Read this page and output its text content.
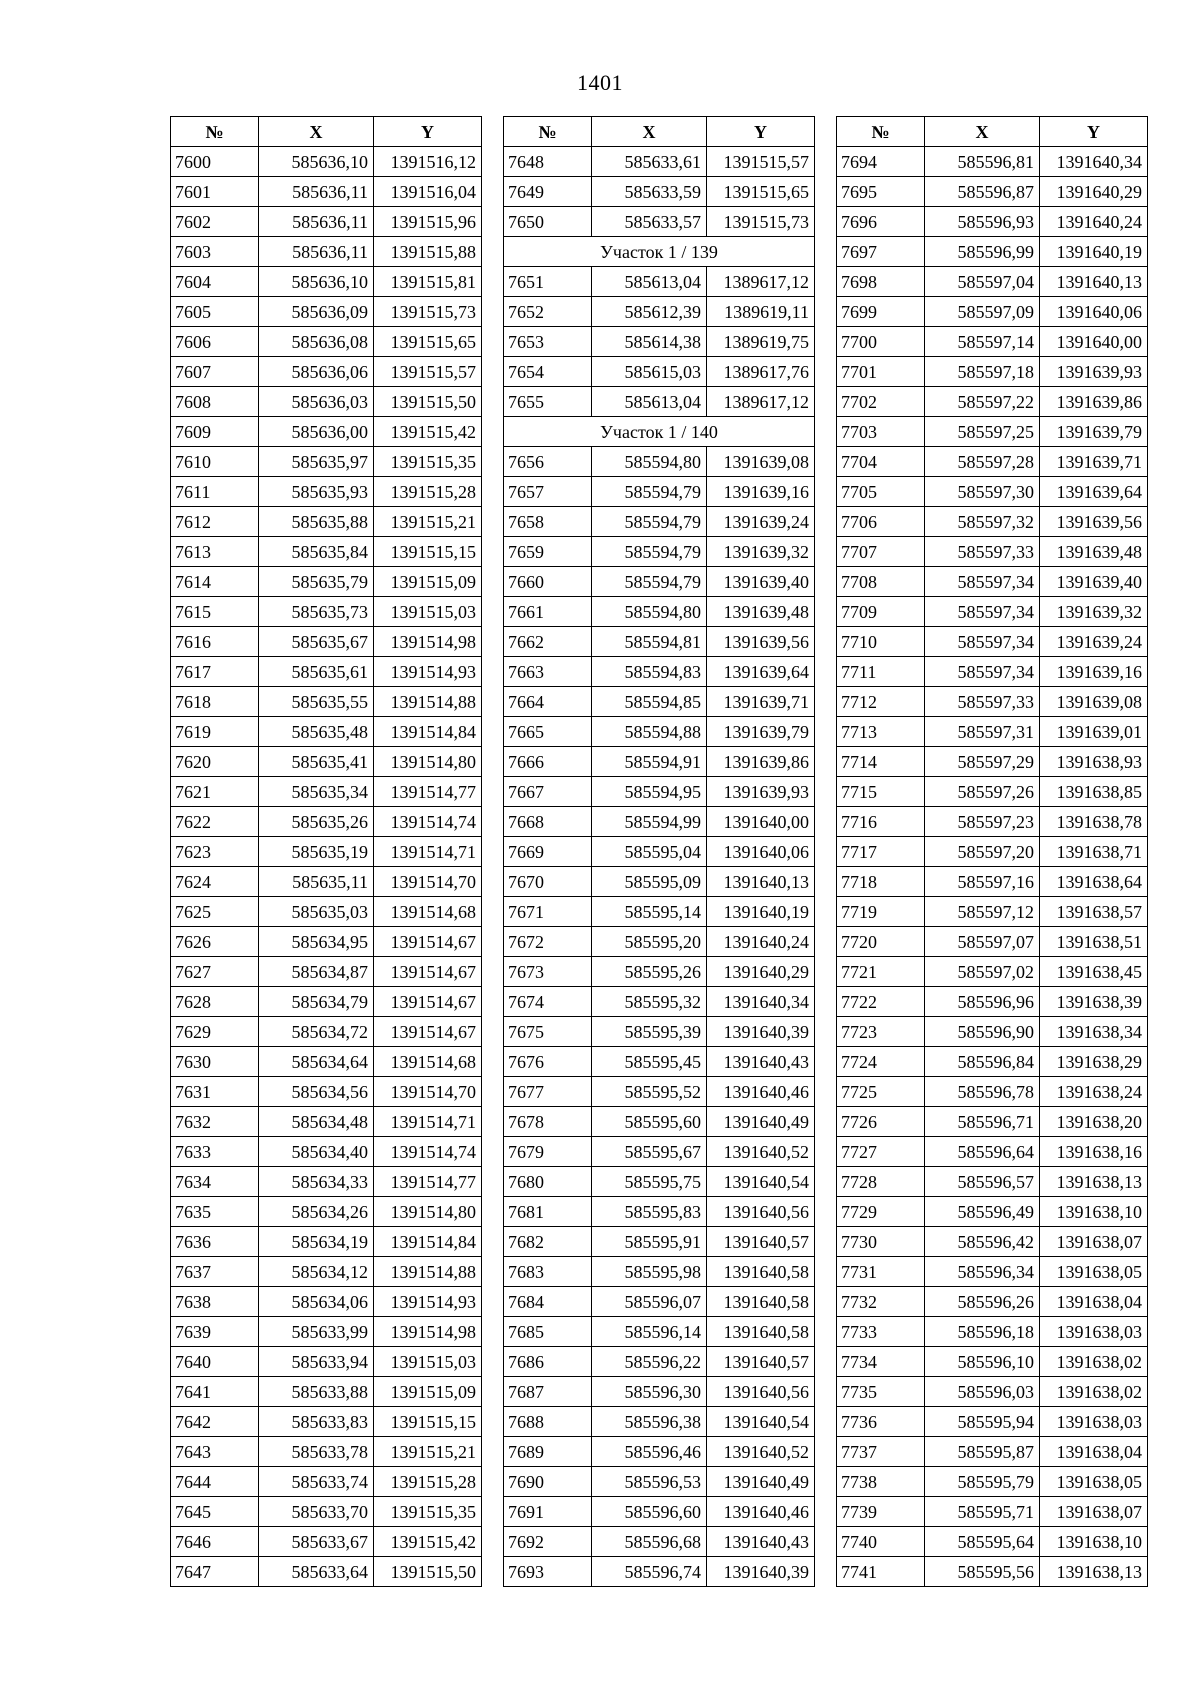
1401
№	X	Y
7600	585636,10	1391516,12
7601	585636,11	1391516,04
7602	585636,11	1391515,96
7603	585636,11	1391515,88
7604	585636,10	1391515,81
7605	585636,09	1391515,73
7606	585636,08	1391515,65
7607	585636,06	1391515,57
7608	585636,03	1391515,50
7609	585636,00	1391515,42
7610	585635,97	1391515,35
7611	585635,93	1391515,28
7612	585635,88	1391515,21
7613	585635,84	1391515,15
7614	585635,79	1391515,09
7615	585635,73	1391515,03
7616	585635,67	1391514,98
7617	585635,61	1391514,93
7618	585635,55	1391514,88
7619	585635,48	1391514,84
7620	585635,41	1391514,80
7621	585635,34	1391514,77
7622	585635,26	1391514,74
7623	585635,19	1391514,71
7624	585635,11	1391514,70
7625	585635,03	1391514,68
7626	585634,95	1391514,67
7627	585634,87	1391514,67
7628	585634,79	1391514,67
7629	585634,72	1391514,67
7630	585634,64	1391514,68
7631	585634,56	1391514,70
7632	585634,48	1391514,71
7633	585634,40	1391514,74
7634	585634,33	1391514,77
7635	585634,26	1391514,80
7636	585634,19	1391514,84
7637	585634,12	1391514,88
7638	585634,06	1391514,93
7639	585633,99	1391514,98
7640	585633,94	1391515,03
7641	585633,88	1391515,09
7642	585633,83	1391515,15
7643	585633,78	1391515,21
7644	585633,74	1391515,28
7645	585633,70	1391515,35
7646	585633,67	1391515,42
7647	585633,64	1391515,50
№	X	Y
7648	585633,61	1391515,57
7649	585633,59	1391515,65
7650	585633,57	1391515,73
Участок 1 / 139		
7651	585613,04	1389617,12
7652	585612,39	1389619,11
7653	585614,38	1389619,75
7654	585615,03	1389617,76
7655	585613,04	1389617,12
Участок 1 / 140		
7656	585594,80	1391639,08
7657	585594,79	1391639,16
7658	585594,79	1391639,24
7659	585594,79	1391639,32
7660	585594,79	1391639,40
7661	585594,80	1391639,48
7662	585594,81	1391639,56
7663	585594,83	1391639,64
7664	585594,85	1391639,71
7665	585594,88	1391639,79
7666	585594,91	1391639,86
7667	585594,95	1391639,93
7668	585594,99	1391640,00
7669	585595,04	1391640,06
7670	585595,09	1391640,13
7671	585595,14	1391640,19
7672	585595,20	1391640,24
7673	585595,26	1391640,29
7674	585595,32	1391640,34
7675	585595,39	1391640,39
7676	585595,45	1391640,43
7677	585595,52	1391640,46
7678	585595,60	1391640,49
7679	585595,67	1391640,52
7680	585595,75	1391640,54
7681	585595,83	1391640,56
7682	585595,91	1391640,57
7683	585595,98	1391640,58
7684	585596,07	1391640,58
7685	585596,14	1391640,58
7686	585596,22	1391640,57
7687	585596,30	1391640,56
7688	585596,38	1391640,54
7689	585596,46	1391640,52
7690	585596,53	1391640,49
7691	585596,60	1391640,46
7692	585596,68	1391640,43
7693	585596,74	1391640,39
№	X	Y
7694	585596,81	1391640,34
7695	585596,87	1391640,29
7696	585596,93	1391640,24
7697	585596,99	1391640,19
7698	585597,04	1391640,13
7699	585597,09	1391640,06
7700	585597,14	1391640,00
7701	585597,18	1391639,93
7702	585597,22	1391639,86
7703	585597,25	1391639,79
7704	585597,28	1391639,71
7705	585597,30	1391639,64
7706	585597,32	1391639,56
7707	585597,33	1391639,48
7708	585597,34	1391639,40
7709	585597,34	1391639,32
7710	585597,34	1391639,24
7711	585597,34	1391639,16
7712	585597,33	1391639,08
7713	585597,31	1391639,01
7714	585597,29	1391638,93
7715	585597,26	1391638,85
7716	585597,23	1391638,78
7717	585597,20	1391638,71
7718	585597,16	1391638,64
7719	585597,12	1391638,57
7720	585597,07	1391638,51
7721	585597,02	1391638,45
7722	585596,96	1391638,39
7723	585596,90	1391638,34
7724	585596,84	1391638,29
7725	585596,78	1391638,24
7726	585596,71	1391638,20
7727	585596,64	1391638,16
7728	585596,57	1391638,13
7729	585596,49	1391638,10
7730	585596,42	1391638,07
7731	585596,34	1391638,05
7732	585596,26	1391638,04
7733	585596,18	1391638,03
7734	585596,10	1391638,02
7735	585596,03	1391638,02
7736	585595,94	1391638,03
7737	585595,87	1391638,04
7738	585595,79	1391638,05
7739	585595,71	1391638,07
7740	585595,64	1391638,10
7741	585595,56	1391638,13
